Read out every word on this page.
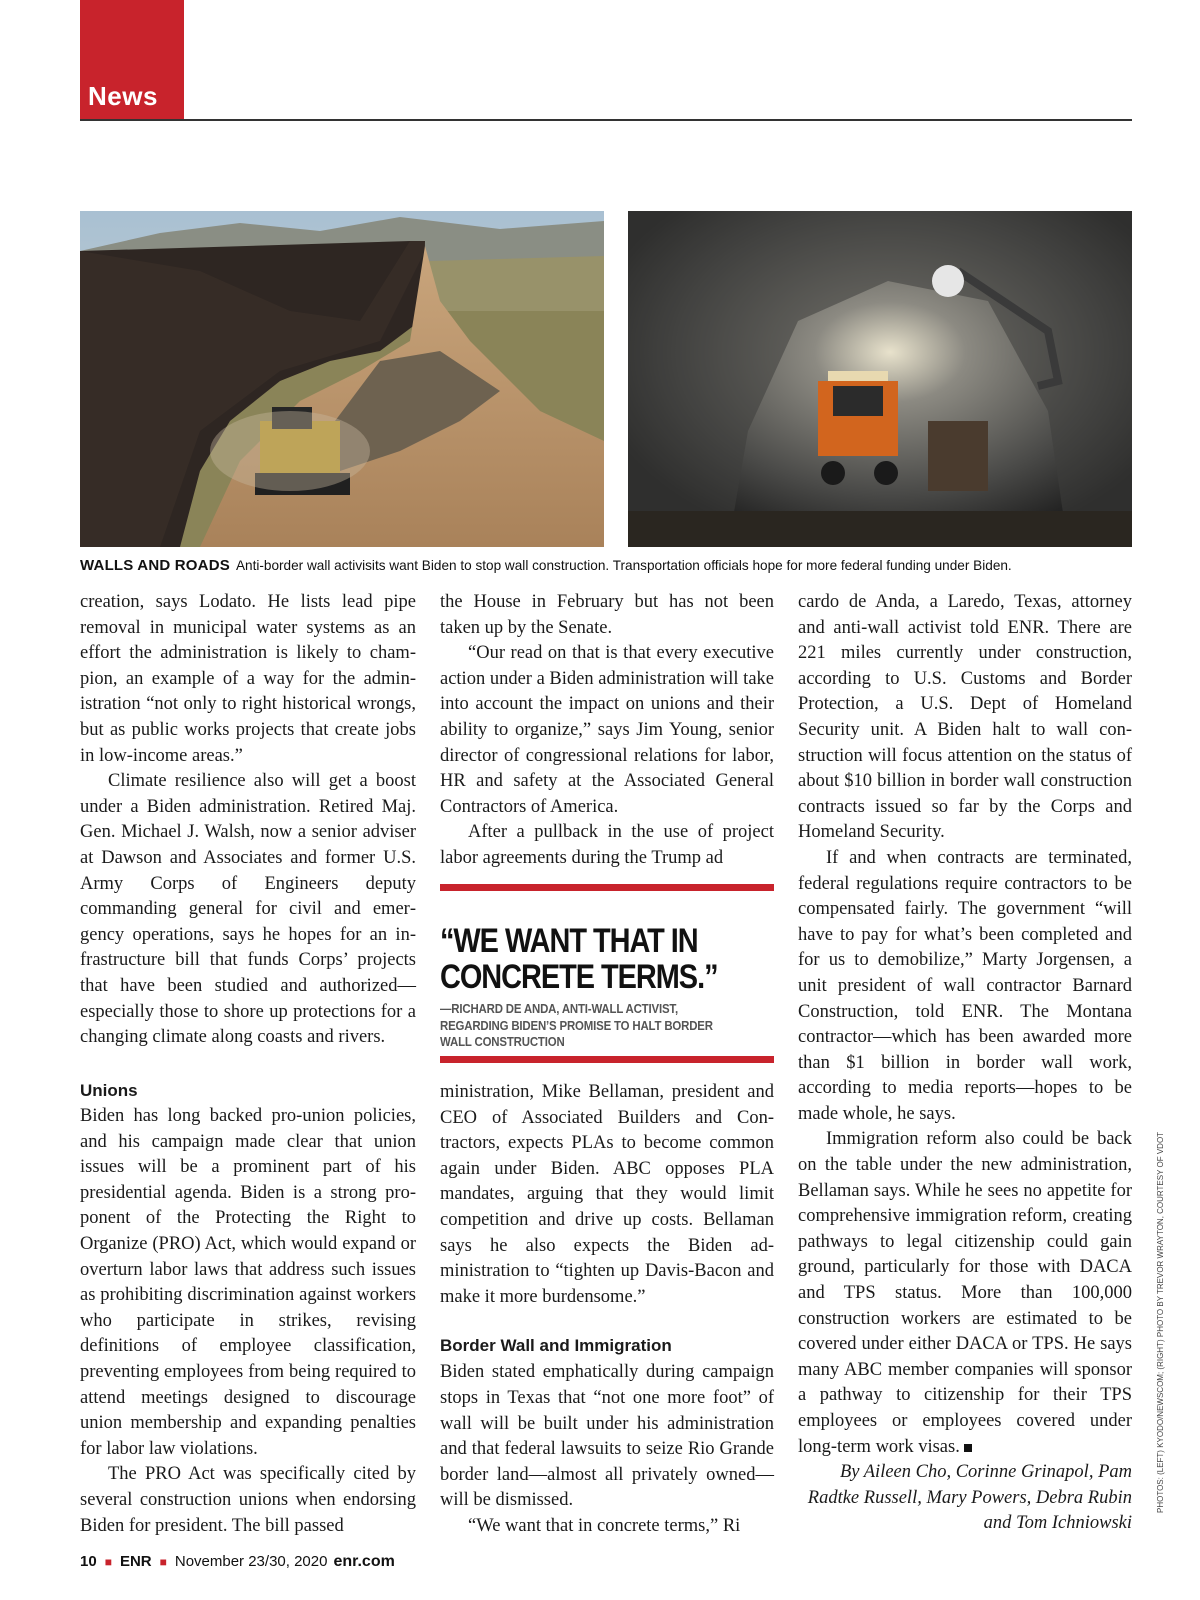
News
WALLS AND ROADS Anti-border wall activisits want Biden to stop wall construction. Transportation officials hope for more federal funding under Biden.

creation, says Lodato. He lists lead pipe removal in municipal water systems as an effort the administration is likely to champion, an example of a way for the administration “not only to right historical wrongs, but as public works projects that create jobs in low-income areas.”

Climate resilience also will get a boost under a Biden administration. Retired Maj. Gen. Michael J. Walsh, now a senior adviser at Dawson and Associates and former U.S. Army Corps of Engineers deputy commanding general for civil and emergency operations, says he hopes for an infrastructure bill that funds Corps’ projects that have been studied and authorized—especially those to shore up protections for a changing climate along coasts and rivers.

Unions

Biden has long backed pro-union policies, and his campaign made clear that union issues will be a prominent part of his presidential agenda. Biden is a strong proponent of the Protecting the Right to Organize (PRO) Act, which would expand or overturn labor laws that address such issues as prohibiting discrimination against workers who participate in strikes, revising definitions of employee classification, preventing employees from being required to attend meetings designed to discourage union membership and expanding penalties for labor law violations.

The PRO Act was specifically cited by several construction unions when endorsing Biden for president. The bill passed

the House in February but has not been taken up by the Senate.

“Our read on that is that every executive action under a Biden administration will take into account the impact on unions and their ability to organize,” says Jim Young, senior director of congressional relations for labor, HR and safety at the Associated General Contractors of America.

After a pullback in the use of project labor agreements during the Trump ad

ministration, Mike Bellaman, president and CEO of Associated Builders and Contractors, expects PLAs to become common again under Biden. ABC opposes PLA mandates, arguing that they would limit competition and drive up costs. Bellaman says he also expects the Biden administration to “tighten up Davis-Bacon and make it more burdensome.”

Border Wall and Immigration

Biden stated emphatically during campaign stops in Texas that “not one more foot” of wall will be built under his administration and that federal lawsuits to seize Rio Grande border land—almost all privately owned—will be dismissed.

“We want that in concrete terms,” Ri

“WE WANT THAT IN
CONCRETE TERMS.”
—RICHARD DE ANDA, ANTI-WALL ACTIVIST,
REGARDING BIDEN’S PROMISE TO HALT BORDER
WALL CONSTRUCTION

cardo de Anda, a Laredo, Texas, attorney and anti-wall activist told ENR. There are 221 miles currently under construction, according to U.S. Customs and Border Protection, a U.S. Dept of Homeland Security unit. A Biden halt to wall construction will focus attention on the status of about $10 billion in border wall construction contracts issued so far by the Corps and Homeland Security.

If and when contracts are terminated, federal regulations require contractors to be compensated fairly. The government “will have to pay for what’s been completed and for us to demobilize,” Marty Jorgensen, a unit president of wall contractor Barnard Construction, told ENR. The Montana contractor—which has been awarded more than $1 billion in border wall work, according to media reports—hopes to be made whole, he says.

Immigration reform also could be back on the table under the new administration, Bellaman says. While he sees no appetite for comprehensive immigration reform, creating pathways to legal citizenship could gain ground, particularly for those with DACA and TPS status. More than 100,000 construction workers are estimated to be covered under either DACA or TPS. He says many ABC member companies will sponsor a pathway to citizenship for their TPS employees or employees covered under long-term work visas.

By Aileen Cho, Corinne Grinapol, Pam Radtke Russell, Mary Powers, Debra Rubin and Tom Ichniowski

PHOTOS: (LEFT) KYODO/NEWSCOM; (RIGHT) PHOTO BY TREVOR WRAYTON, COURTESY OF VDOT
10 ■ ENR ■ November 23/30, 2020 enr.com
